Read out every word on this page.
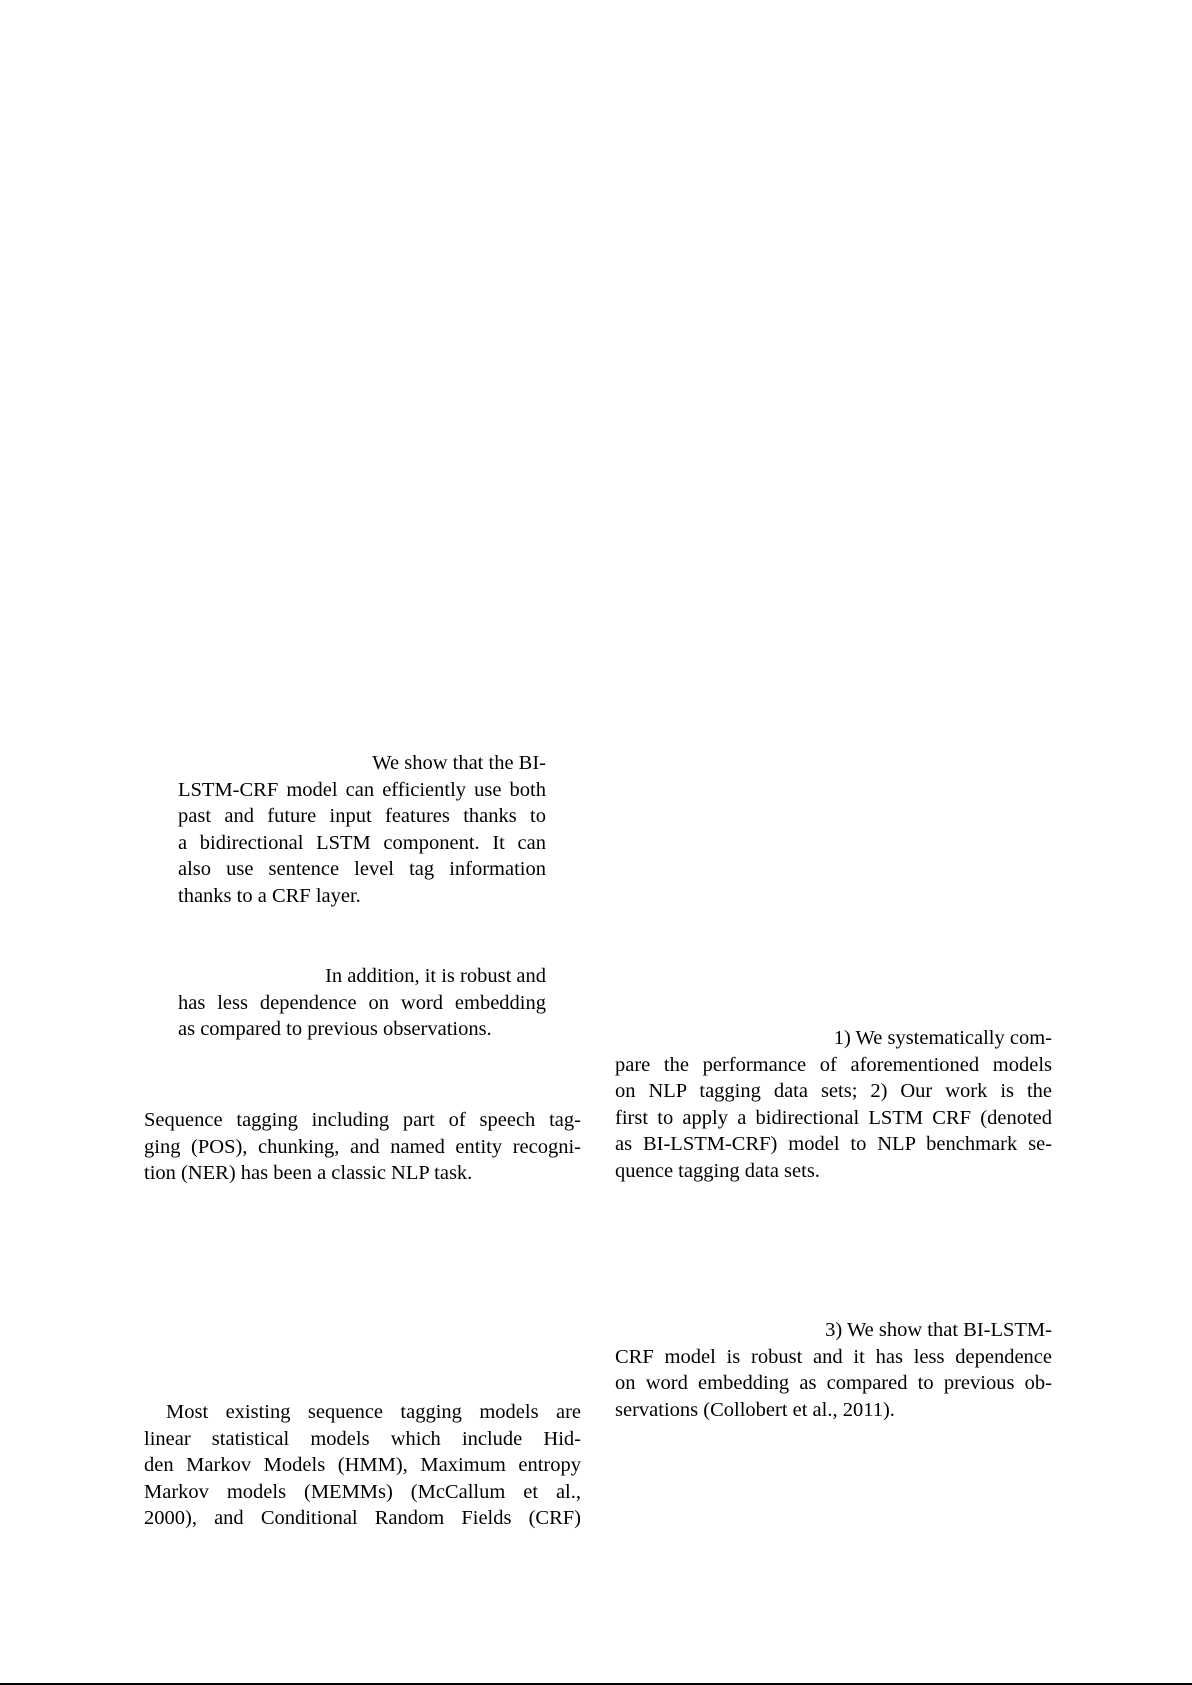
We show that the BI-
LSTM-CRF model can efficiently use both
past and future input features thanks to
a bidirectional LSTM component. It can
also use sentence level tag information
thanks to a CRF layer.
In addition, it is robust and
has less dependence on word embedding
as compared to previous observations.
Sequence tagging including part of speech tag-
ging (POS), chunking, and named entity recogni-
tion (NER) has been a classic NLP task.
Most existing sequence tagging models are
linear statistical models which include Hid-
den Markov Models (HMM), Maximum entropy
Markov models (MEMMs) (McCallum et al.,
2000), and Conditional Random Fields (CRF)
1) We systematically com-
pare the performance of aforementioned models
on NLP tagging data sets; 2) Our work is the
first to apply a bidirectional LSTM CRF (denoted
as BI-LSTM-CRF) model to NLP benchmark se-
quence tagging data sets.
3) We show that BI-LSTM-
CRF model is robust and it has less dependence
on word embedding as compared to previous ob-
servations (Collobert et al., 2011).
